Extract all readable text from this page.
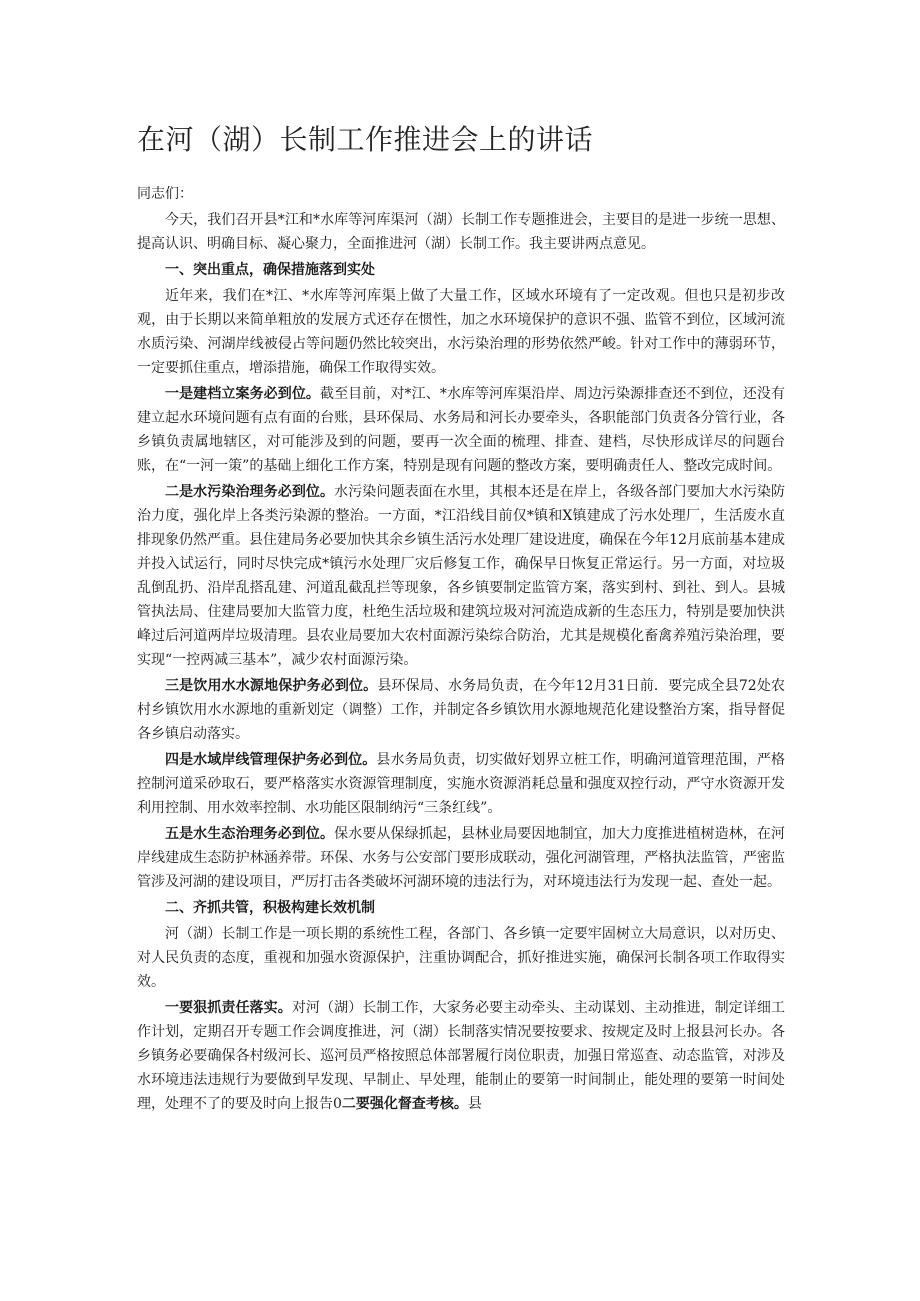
在河（湖）长制工作推进会上的讲话
同志们：

今天，我们召开县*江和*水库等河库渠河（湖）长制工作专题推进会，主要目的是进一步统一思想、提高认识、明确目标、凝心聚力，全面推进河（湖）长制工作。我主要讲两点意见。

一、突出重点，确保措施落到实处

近年来，我们在*江、*水库等河库渠上做了大量工作，区域水环境有了一定改观。但也只是初步改观，由于长期以来简单粗放的发展方式还存在惯性，加之水环境保护的意识不强、监管不到位，区域河流水质污染、河湖岸线被侵占等问题仍然比较突出，水污染治理的形势依然严峻。针对工作中的薄弱环节，一定要抓住重点，增添措施，确保工作取得实效。

一是建档立案务必到位。截至目前，对*江、*水库等河库渠沿岸、周边污染源排查还不到位，还没有建立起水环境问题有点有面的台账，县环保局、水务局和河长办要牵头，各职能部门负责各分管行业，各乡镇负责属地辖区，对可能涉及到的问题，要再一次全面的梳理、排查、建档，尽快形成详尽的问题台账，在“一河一策”的基础上细化工作方案，特别是现有问题的整改方案，要明确责任人、整改完成时间。

二是水污染治理务必到位。水污染问题表面在水里，其根本还是在岸上，各级各部门要加大水污染防治力度，强化岸上各类污染源的整治。一方面，*江沿线目前仅*镇和X镇建成了污水处理厂，生活废水直排现象仍然严重。县住建局务必要加快其余乡镇生活污水处理厂建设进度，确保在今年12月底前基本建成并投入试运行，同时尽快完成*镇污水处理厂灾后修复工作，确保早日恢复正常运行。另一方面，对垃圾乱倒乱扔、沿岸乱搭乱建、河道乱截乱拦等现象，各乡镇要制定监管方案，落实到村、到社、到人。县城管执法局、住建局要加大监管力度，杜绝生活垃圾和建筑垃圾对河流造成新的生态压力，特别是要加快洪峰过后河道两岸垃圾清理。县农业局要加大农村面源污染综合防治，尤其是规模化畜禽养殖污染治理，要实现“一控两减三基本”，减少农村面源污染。

三是饮用水水源地保护务必到位。县环保局、水务局负责，在今年12月31日前．要完成全县72处农村乡镇饮用水水源地的重新划定（调整）工作，并制定各乡镇饮用水源地规范化建设整治方案，指导督促各乡镇启动落实。

四是水域岸线管理保护务必到位。县水务局负责，切实做好划界立桩工作，明确河道管理范围，严格控制河道采砂取石，要严格落实水资源管理制度，实施水资源消耗总量和强度双控行动，严守水资源开发利用控制、用水效率控制、水功能区限制纳污“三条红线”。

五是水生态治理务必到位。保水要从保绿抓起，县林业局要因地制宜，加大力度推进植树造林，在河岸线建成生态防护林涵养带。环保、水务与公安部门要形成联动，强化河湖管理，严格执法监管，严密监管涉及河湖的建设项目，严厉打击各类破坏河湖环境的违法行为，对环境违法行为发现一起、查处一起。

二、齐抓共管，积极构建长效机制

河（湖）长制工作是一项长期的系统性工程，各部门、各乡镇一定要牢固树立大局意识，以对历史、对人民负责的态度，重视和加强水资源保护，注重协调配合，抓好推进实施，确保河长制各项工作取得实效。

一要狠抓责任落实。对河（湖）长制工作，大家务必要主动牵头、主动谋划、主动推进，制定详细工作计划，定期召开专题工作会调度推进，河（湖）长制落实情况要按要求、按规定及时上报县河长办。各乡镇务必要确保各村级河长、巡河员严格按照总体部署履行岗位职责，加强日常巡查、动态监管，对涉及水环境违法违规行为要做到早发现、早制止、早处理，能制止的要第一时间制止，能处理的要第一时间处理，处理不了的要及时向上报告0二要强化督查考核。县
